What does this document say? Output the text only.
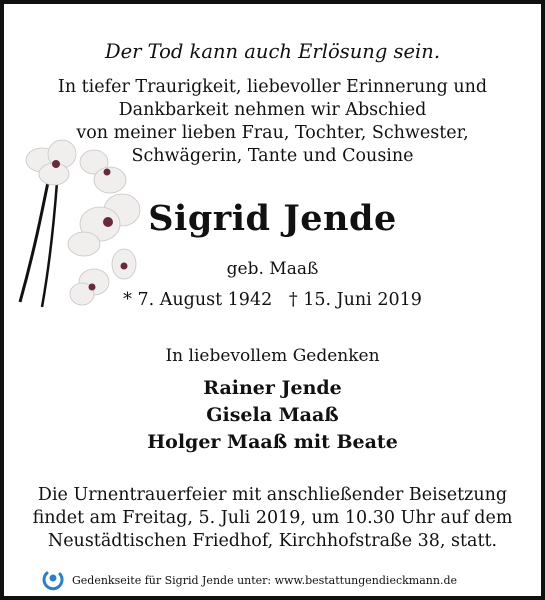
Der Tod kann auch Erlösung sein.
In tiefer Traurigkeit, liebevoller Erinnerung und
Dankbarkeit nehmen wir Abschied
von meiner lieben Frau, Tochter, Schwester,
Schwägerin, Tante und Cousine
Sigrid Jende
geb. Maaß
* 7. August 1942   † 15. Juni 2019
In liebevollem Gedenken
Rainer Jende
Gisela Maaß
Holger Maaß mit Beate
Die Urnentrauerfeier mit anschließender Beisetzung
findet am Freitag, 5. Juli 2019, um 10.30 Uhr auf dem
Neustädtischen Friedhof, Kirchhofstraße 38, statt.
Gedenkseite für Sigrid Jende unter: www.bestattungendieckmann.de
